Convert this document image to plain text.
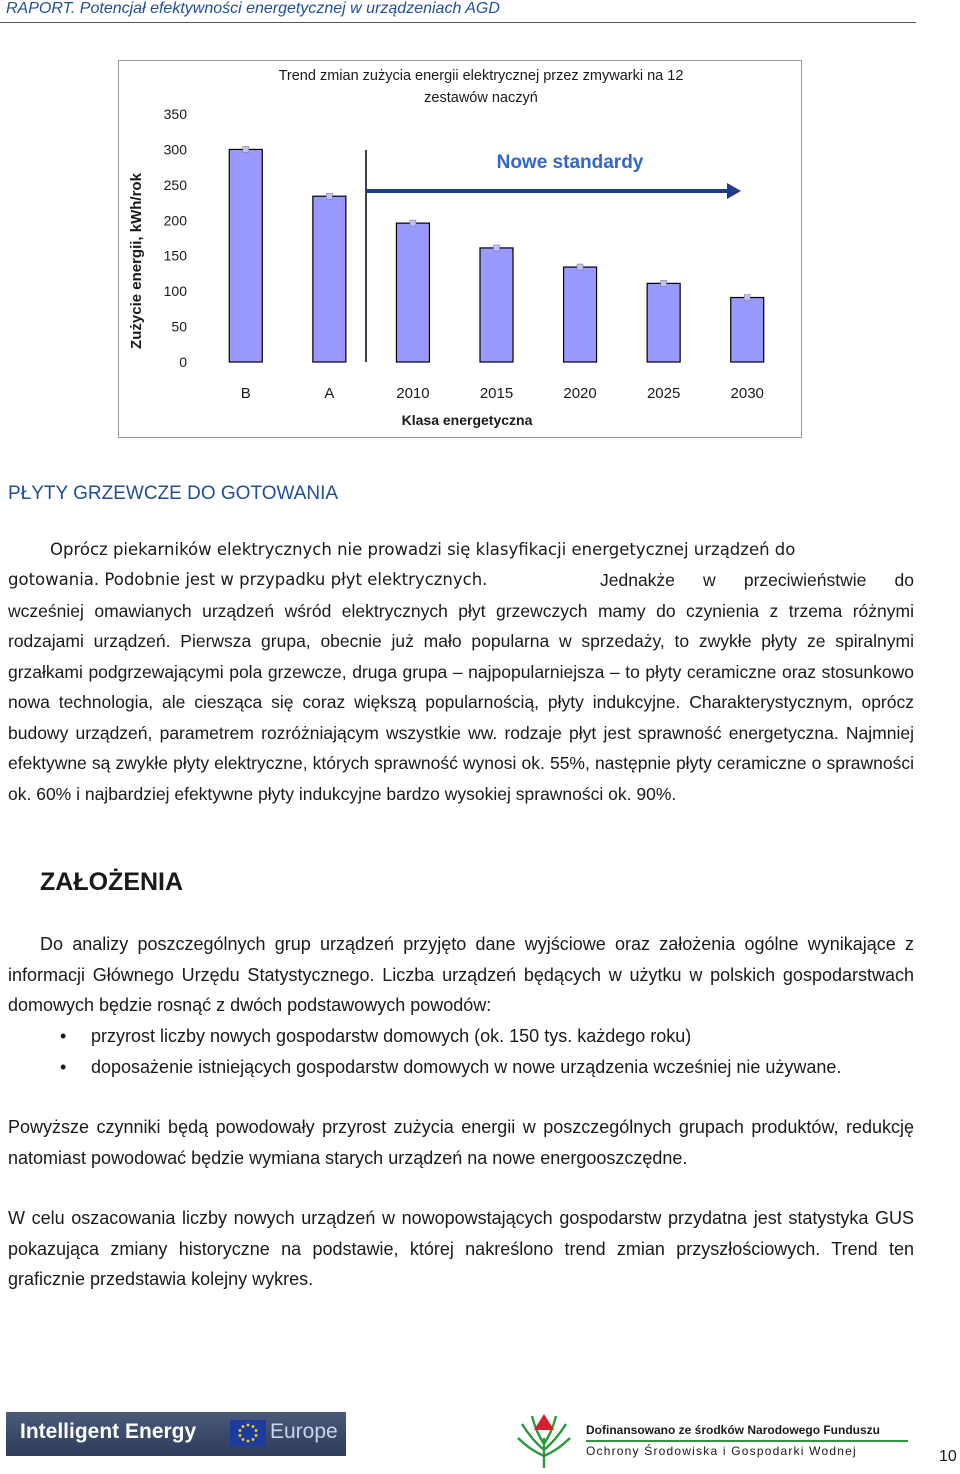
RAPORT. Potencjał efektywności energetycznej w urządzeniach AGD
Trend zmian zużycia energii elektrycznej przez zmywarki na 12
zestawów naczyń
Zużycie energii, kWh/rok
Klasa energetyczna
Nowe standardy
0
50
100
150
200
250
300
350
B	A	2010	2015	2020	2025	2030
PŁYTY GRZEWCZE DO GOTOWANIA
Oprócz piekarników elektrycznych nie prowadzi się klasyfikacji energetycznej urządzeń do
gotowania. Podobnie jest w przypadku płyt elektrycznych.	Jednakże w przeciwieństwie do wcześniej omawianych urządzeń wśród elektrycznych płyt grzewczych mamy do czynienia z trzema różnymi rodzajami urządzeń. Pierwsza grupa, obecnie już mało popularna w sprzedaży, to zwykłe płyty ze spiralnymi grzałkami podgrzewającymi pola grzewcze, druga grupa – najpopularniejsza – to płyty ceramiczne oraz stosunkowo nowa technologia, ale ciesząca się coraz większą popularnością, płyty indukcyjne. Charakterystycznym, oprócz budowy urządzeń, parametrem rozróżniającym wszystkie ww. rodzaje płyt jest sprawność energetyczna. Najmniej efektywne są zwykłe płyty elektryczne, których sprawność wynosi ok. 55%, następnie płyty ceramiczne o sprawności ok. 60% i najbardziej efektywne płyty indukcyjne bardzo wysokiej sprawności ok. 90%.
ZAŁOŻENIA
Do analizy poszczególnych grup urządzeń przyjęto dane wyjściowe oraz założenia ogólne wynikające z informacji Głównego Urzędu Statystycznego. Liczba urządzeń będących w użytku w polskich gospodarstwach domowych będzie rosnąć z dwóch podstawowych powodów:
• przyrost liczby nowych gospodarstw domowych (ok. 150 tys. każdego roku)
• doposażenie istniejących gospodarstw domowych w nowe urządzenia wcześniej nie używane.
Powyższe czynniki będą powodowały przyrost zużycia energii w poszczególnych grupach produktów, redukcję natomiast powodować będzie wymiana starych urządzeń na nowe energooszczędne.
W celu oszacowania liczby nowych urządzeń w nowopowstających gospodarstw przydatna jest statystyka GUS pokazująca zmiany historyczne na podstawie, której nakreślono trend zmian przyszłościowych. Trend ten graficznie przedstawia kolejny wykres.
Intelligent Energy	Europe	Dofinansowano ze środków Narodowego Funduszu
Ochrony Środowiska i Gospodarki Wodnej	10
